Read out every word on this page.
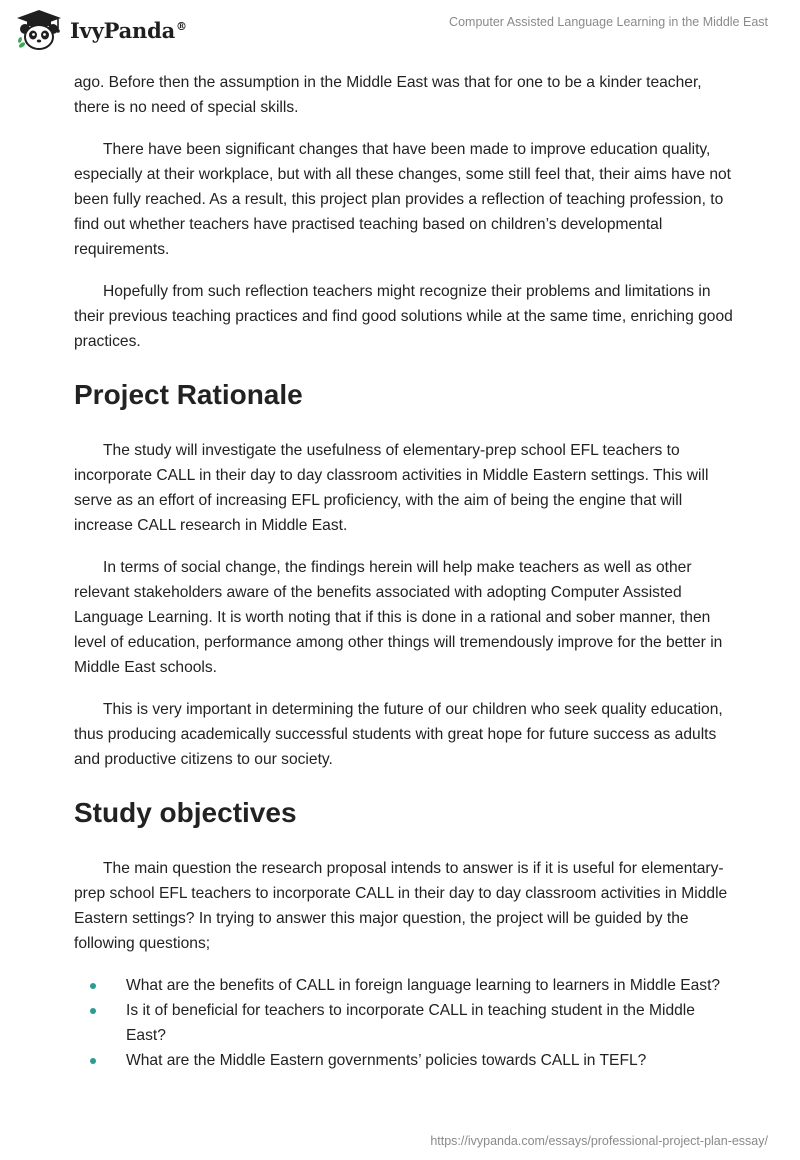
IvyPanda®	Computer Assisted Language Learning in the Middle East

ago. Before then the assumption in the Middle East was that for one to be a kinder teacher, there is no need of special skills.

There have been significant changes that have been made to improve education quality, especially at their workplace, but with all these changes, some still feel that, their aims have not been fully reached. As a result, this project plan provides a reflection of teaching profession, to find out whether teachers have practised teaching based on children’s developmental requirements.

Hopefully from such reflection teachers might recognize their problems and limitations in their previous teaching practices and find good solutions while at the same time, enriching good practices.

Project Rationale

The study will investigate the usefulness of elementary-prep school EFL teachers to incorporate CALL in their day to day classroom activities in Middle Eastern settings. This will serve as an effort of increasing EFL proficiency, with the aim of being the engine that will increase CALL research in Middle East.

In terms of social change, the findings herein will help make teachers as well as other relevant stakeholders aware of the benefits associated with adopting Computer Assisted Language Learning. It is worth noting that if this is done in a rational and sober manner, then level of education, performance among other things will tremendously improve for the better in Middle East schools.

This is very important in determining the future of our children who seek quality education, thus producing academically successful students with great hope for future success as adults and productive citizens to our society.

Study objectives

The main question the research proposal intends to answer is if it is useful for elementary-prep school EFL teachers to incorporate CALL in their day to day classroom activities in Middle Eastern settings? In trying to answer this major question, the project will be guided by the following questions;

What are the benefits of CALL in foreign language learning to learners in Middle East?
Is it of beneficial for teachers to incorporate CALL in teaching student in the Middle East?
What are the Middle Eastern governments’ policies towards CALL in TEFL?
https://ivypanda.com/essays/professional-project-plan-essay/
